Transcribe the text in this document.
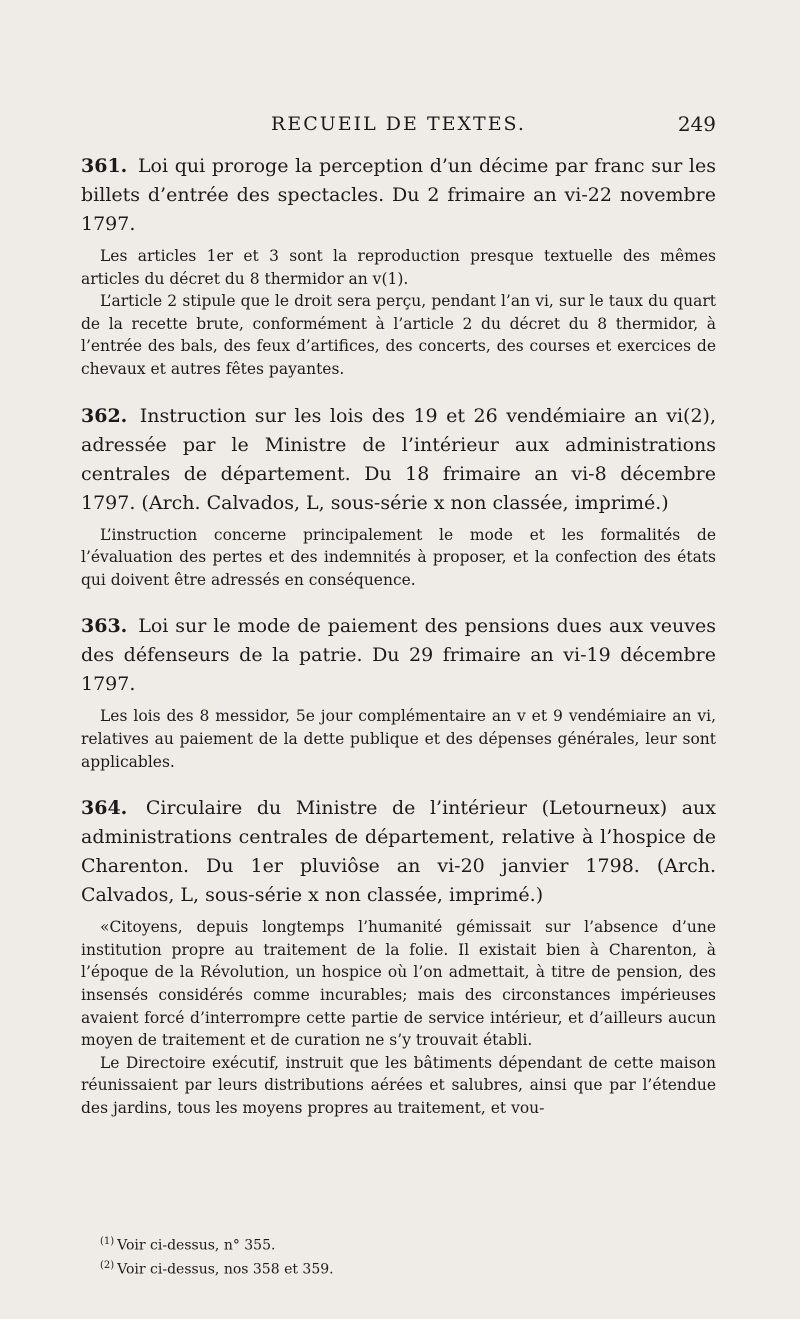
RECUEIL DE TEXTES.	249

361. Loi qui proroge la perception d’un décime par franc sur les billets d’entrée des spectacles. Du 2 frimaire an vi-22 novembre 1797.

Les articles 1er et 3 sont la reproduction presque textuelle des mêmes articles du décret du 8 thermidor an v(1).

L’article 2 stipule que le droit sera perçu, pendant l’an vi, sur le taux du quart de la recette brute, conformément à l’article 2 du décret du 8 thermidor, à l’entrée des bals, des feux d’artifices, des concerts, des courses et exercices de chevaux et autres fêtes payantes.

362. Instruction sur les lois des 19 et 26 vendémiaire an vi(2), adressée par le Ministre de l’intérieur aux administrations centrales de département. Du 18 frimaire an vi-8 décembre 1797. (Arch. Calvados, L, sous-série x non classée, imprimé.)

L’instruction concerne principalement le mode et les formalités de l’évaluation des pertes et des indemnités à proposer, et la confection des états qui doivent être adressés en conséquence.

363. Loi sur le mode de paiement des pensions dues aux veuves des défenseurs de la patrie. Du 29 frimaire an vi-19 décembre 1797.

Les lois des 8 messidor, 5e jour complémentaire an v et 9 vendémiaire an vi, relatives au paiement de la dette publique et des dépenses générales, leur sont applicables.

364. Circulaire du Ministre de l’intérieur (Letourneux) aux administrations centrales de département, relative à l’hospice de Charenton. Du 1er pluviôse an vi-20 janvier 1798. (Arch. Calvados, L, sous-série x non classée, imprimé.)

«Citoyens, depuis longtemps l’humanité gémissait sur l’absence d’une institution propre au traitement de la folie. Il existait bien à Charenton, à l’époque de la Révolution, un hospice où l’on admettait, à titre de pension, des insensés considérés comme incurables; mais des circonstances impérieuses avaient forcé d’interrompre cette partie de service intérieur, et d’ailleurs aucun moyen de traitement et de curation ne s’y trouvait établi.

Le Directoire exécutif, instruit que les bâtiments dépendant de cette maison réunissaient par leurs distributions aérées et salubres, ainsi que par l’étendue des jardins, tous les moyens propres au traitement, et vou-

$^{(1)}$ Voir ci-dessus, n° 355.
$^{(2)}$ Voir ci-dessus, nos 358 et 359.
